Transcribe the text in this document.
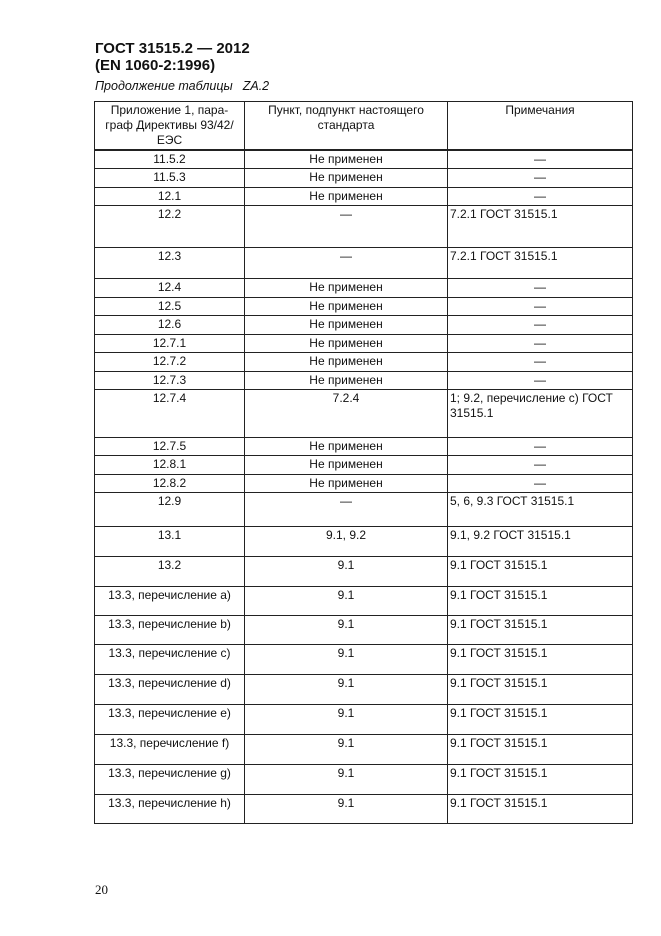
ГОСТ 31515.2 — 2012
(EN 1060-2:1996)
Продолжение таблицы ZA.2
Приложение 1, пара-граф Директивы 93/42/ЕЭС	Пункт, подпункт настоящего стандарта	Примечания
11.5.2	Не применен	—
11.5.3	Не применен	—
12.1	Не применен	—
12.2	—	7.2.1 ГОСТ 31515.1
12.3	—	7.2.1 ГОСТ 31515.1
12.4	Не применен	—
12.5	Не применен	—
12.6	Не применен	—
12.7.1	Не применен	—
12.7.2	Не применен	—
12.7.3	Не применен	—
12.7.4	7.2.4	1; 9.2, перечисление c) ГОСТ 31515.1
12.7.5	Не применен	—
12.8.1	Не применен	—
12.8.2	Не применен	—
12.9	—	5, 6, 9.3 ГОСТ 31515.1
13.1	9.1, 9.2	9.1, 9.2 ГОСТ 31515.1
13.2	9.1	9.1 ГОСТ 31515.1
13.3, перечисление a)	9.1	9.1 ГОСТ 31515.1
13.3, перечисление b)	9.1	9.1 ГОСТ 31515.1
13.3, перечисление c)	9.1	9.1 ГОСТ 31515.1
13.3, перечисление d)	9.1	9.1 ГОСТ 31515.1
13.3, перечисление e)	9.1	9.1 ГОСТ 31515.1
13.3, перечисление f)	9.1	9.1 ГОСТ 31515.1
13.3, перечисление g)	9.1	9.1 ГОСТ 31515.1
13.3, перечисление h)	9.1	9.1 ГОСТ 31515.1
20
